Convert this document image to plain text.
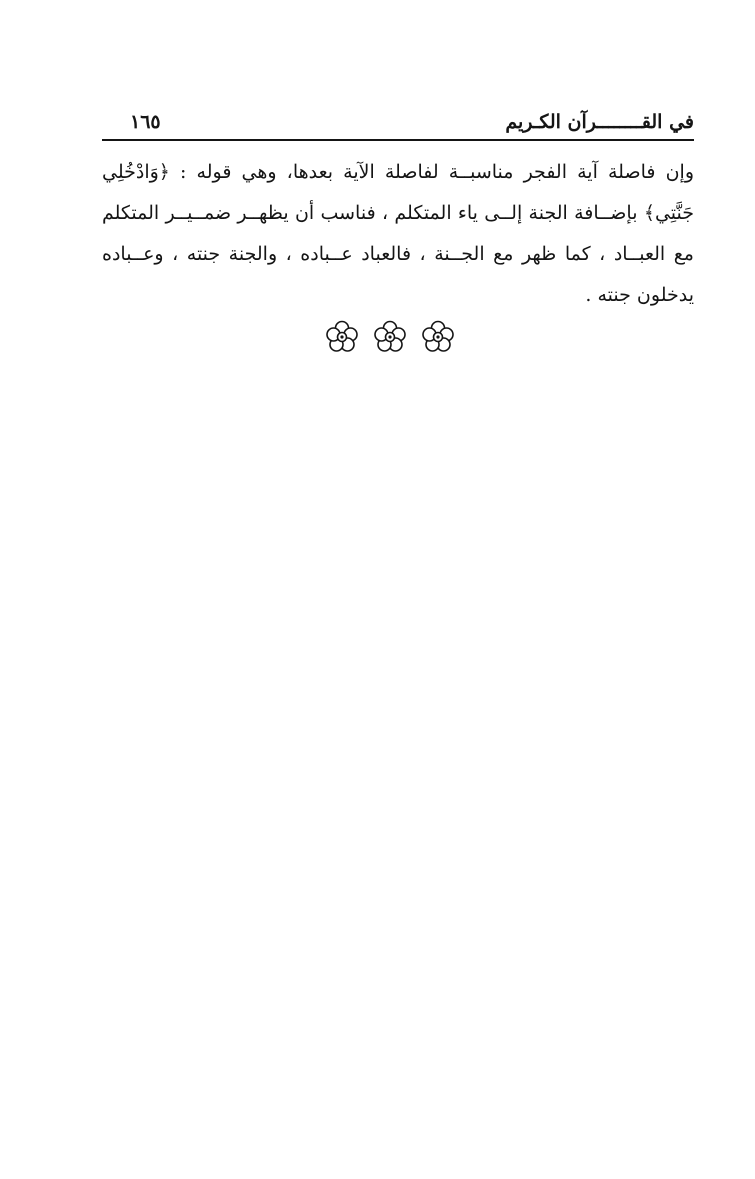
في القــــــــرآن الكـريم
١٦٥

وإن فاصلة آية الفجر مناسبــة لفاصلة الآية بعدها، وهي قوله : ﴿وَادْخُلِي جَنَّتِي﴾ بإضــافة الجنة إلــى ياء المتكلم ، فناسب أن يظهــر ضمــيــر المتكلم مع العبــاد ، كما ظهر مع الجــنة ، فالعباد عــباده ، والجنة جنته ، وعــباده يدخلون جنته .
